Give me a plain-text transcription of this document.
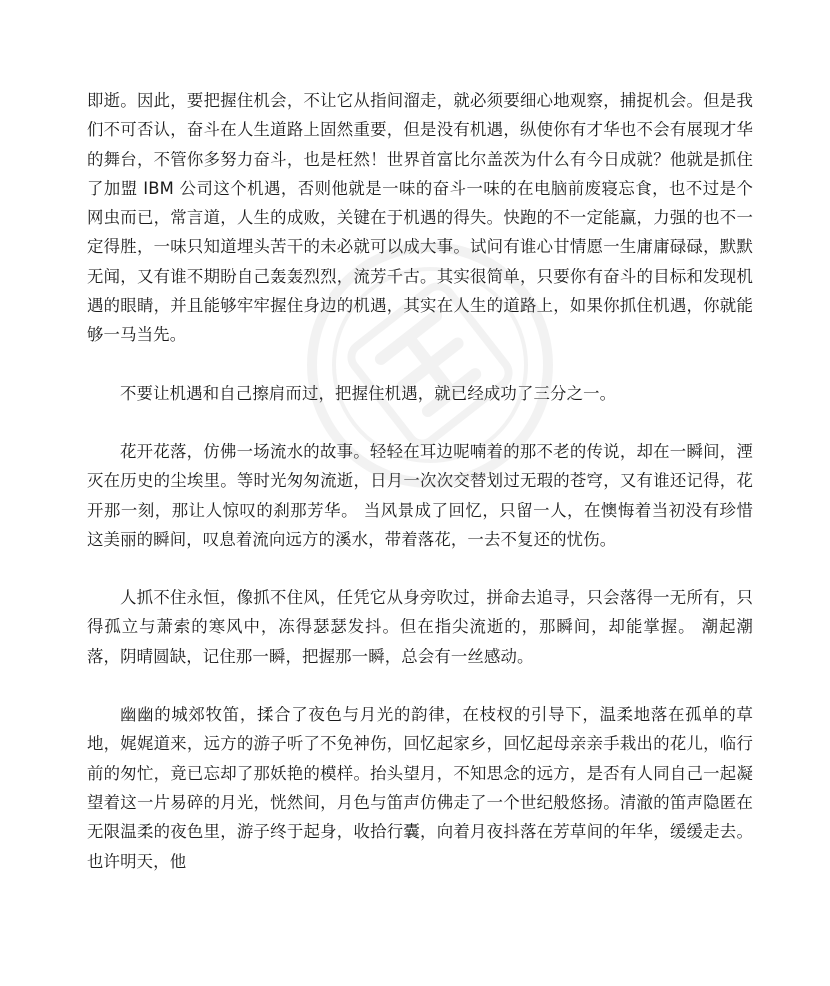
即逝。因此，要把握住机会，不让它从指间溜走，就必须要细心地观察，捕捉机会。但是我们不可否认，奋斗在人生道路上固然重要，但是没有机遇，纵使你有才华也不会有展现才华的舞台，不管你多努力奋斗，也是枉然！世界首富比尔盖茨为什么有今日成就？他就是抓住了加盟 IBM 公司这个机遇，否则他就是一味的奋斗一味的在电脑前废寝忘食，也不过是个网虫而已，常言道，人生的成败，关键在于机遇的得失。快跑的不一定能赢，力强的也不一定得胜，一味只知道埋头苦干的未必就可以成大事。试问有谁心甘情愿一生庸庸碌碌，默默无闻，又有谁不期盼自己轰轰烈烈，流芳千古。其实很简单，只要你有奋斗的目标和发现机遇的眼睛，并且能够牢牢握住身边的机遇，其实在人生的道路上，如果你抓住机遇，你就能够一马当先。

不要让机遇和自己擦肩而过，把握住机遇，就已经成功了三分之一。

花开花落，仿佛一场流水的故事。轻轻在耳边呢喃着的那不老的传说，却在一瞬间，湮灭在历史的尘埃里。等时光匆匆流逝，日月一次次交替划过无瑕的苍穹，又有谁还记得，花开那一刻，那让人惊叹的刹那芳华。 当风景成了回忆，只留一人，在懊悔着当初没有珍惜这美丽的瞬间，叹息着流向远方的溪水，带着落花，一去不复还的忧伤。

人抓不住永恒，像抓不住风，任凭它从身旁吹过，拼命去追寻，只会落得一无所有，只得孤立与萧索的寒风中，冻得瑟瑟发抖。但在指尖流逝的，那瞬间，却能掌握。 潮起潮落，阴晴圆缺，记住那一瞬，把握那一瞬，总会有一丝感动。

幽幽的城郊牧笛，揉合了夜色与月光的韵律，在枝杈的引导下，温柔地落在孤单的草地，娓娓道来，远方的游子听了不免神伤，回忆起家乡，回忆起母亲亲手栽出的花儿，临行前的匆忙，竟已忘却了那妖艳的模样。抬头望月，不知思念的远方，是否有人同自己一起凝望着这一片易碎的月光，恍然间，月色与笛声仿佛走了一个世纪般悠扬。清澈的笛声隐匿在无限温柔的夜色里，游子终于起身，收拾行囊，向着月夜抖落在芳草间的年华，缓缓走去。也许明天，他
